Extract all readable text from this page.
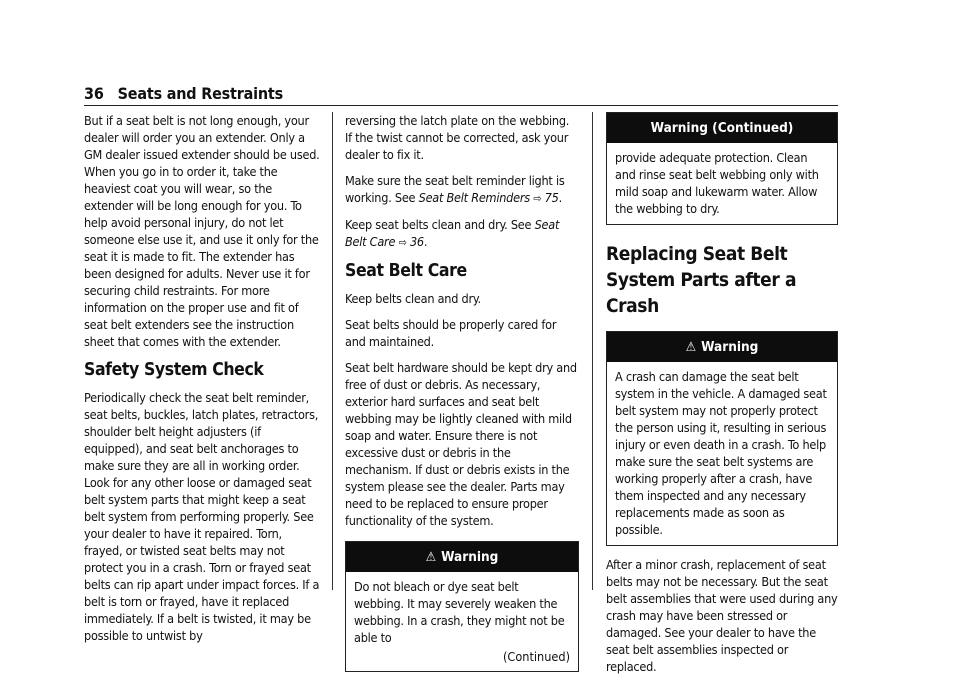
36 Seats and Restraints

But if a seat belt is not long enough, your dealer will order you an extender. Only a GM dealer issued extender should be used. When you go in to order it, take the heaviest coat you will wear, so the extender will be long enough for you. To help avoid personal injury, do not let someone else use it, and use it only for the seat it is made to fit. The extender has been designed for adults. Never use it for securing child restraints. For more information on the proper use and fit of seat belt extenders see the instruction sheet that comes with the extender.

Safety System Check

Periodically check the seat belt reminder, seat belts, buckles, latch plates, retractors, shoulder belt height adjusters (if equipped), and seat belt anchorages to make sure they are all in working order. Look for any other loose or damaged seat belt system parts that might keep a seat belt system from performing properly. See your dealer to have it repaired. Torn, frayed, or twisted seat belts may not protect you in a crash. Torn or frayed seat belts can rip apart under impact forces. If a belt is torn or frayed, have it replaced immediately. If a belt is twisted, it may be possible to untwist by

reversing the latch plate on the webbing. If the twist cannot be corrected, ask your dealer to fix it.

Make sure the seat belt reminder light is working. See Seat Belt Reminders ⇨ 75.

Keep seat belts clean and dry. See Seat Belt Care ⇨ 36.

Seat Belt Care

Keep belts clean and dry.

Seat belts should be properly cared for and maintained.

Seat belt hardware should be kept dry and free of dust or debris. As necessary, exterior hard surfaces and seat belt webbing may be lightly cleaned with mild soap and water. Ensure there is not excessive dust or debris in the mechanism. If dust or debris exists in the system please see the dealer. Parts may need to be replaced to ensure proper functionality of the system.

⚠ Warning

Do not bleach or dye seat belt webbing. It may severely weaken the webbing. In a crash, they might not be able to

(Continued)
Warning (Continued)

provide adequate protection. Clean and rinse seat belt webbing only with mild soap and lukewarm water. Allow the webbing to dry.

Replacing Seat Belt System Parts after a Crash
⚠ Warning

A crash can damage the seat belt system in the vehicle. A damaged seat belt system may not properly protect the person using it, resulting in serious injury or even death in a crash. To help make sure the seat belt systems are working properly after a crash, have them inspected and any necessary replacements made as soon as possible.

After a minor crash, replacement of seat belts may not be necessary. But the seat belt assemblies that were used during any crash may have been stressed or damaged. See your dealer to have the seat belt assemblies inspected or replaced.
